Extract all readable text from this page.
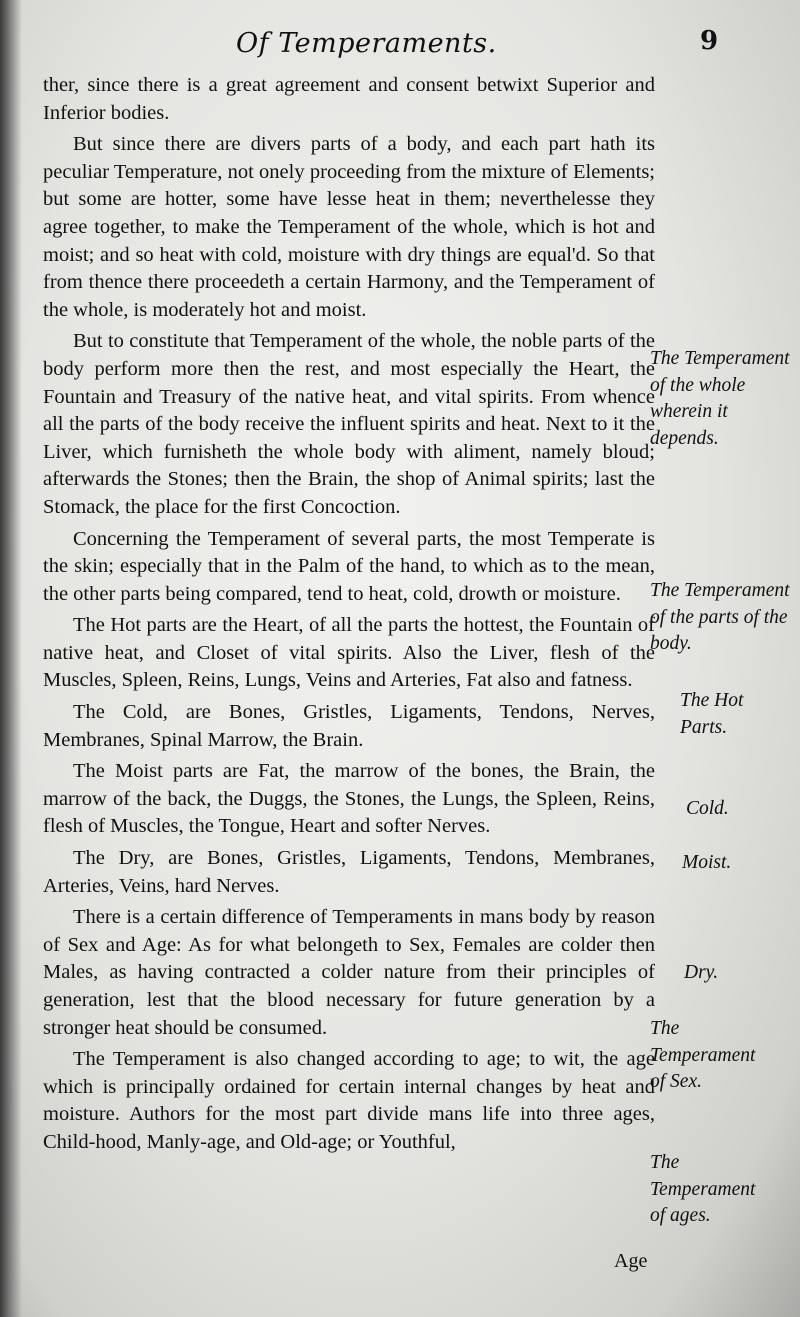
Of Temperaments.	9

ther, since there is a great agreement and consent betwixt Superior and Inferior bodies.

But since there are divers parts of a body, and each part hath its peculiar Temperature, not onely proceeding from the mixture of Elements; but some are hotter, some have lesse heat in them; neverthelesse they agree together, to make the Temperament of the whole, which is hot and moist; and so heat with cold, moisture with dry things are equal'd. So that from thence there proceedeth a certain Harmony, and the Temperament of the whole, is moderately hot and moist.

But to constitute that Temperament of the whole, the noble parts of the body perform more then the rest, and most especially the Heart, the Fountain and Treasury of the native heat, and vital spirits. From whence all the parts of the body receive the influent spirits and heat. Next to it the Liver, which furnisheth the whole body with aliment, namely bloud; afterwards the Stones; then the Brain, the shop of Animal spirits; last the Stomack, the place for the first Concoction.

Concerning the Temperament of several parts, the most Temperate is the skin; especially that in the Palm of the hand, to which as to the mean, the other parts being compared, tend to heat, cold, drowth or moisture.

The Hot parts are the Heart, of all the parts the hottest, the Fountain of native heat, and Closet of vital spirits. Also the Liver, flesh of the Muscles, Spleen, Reins, Lungs, Veins and Arteries, Fat also and fatness.

The Cold, are Bones, Gristles, Ligaments, Tendons, Nerves, Membranes, Spinal Marrow, the Brain.

The Moist parts are Fat, the marrow of the bones, the Brain, the marrow of the back, the Duggs, the Stones, the Lungs, the Spleen, Reins, flesh of Muscles, the Tongue, Heart and softer Nerves.

The Dry, are Bones, Gristles, Ligaments, Tendons, Membranes, Arteries, Veins, hard Nerves.

There is a certain difference of Temperaments in mans body by reason of Sex and Age: As for what belongeth to Sex, Females are colder then Males, as having contracted a colder nature from their principles of generation, lest that the blood necessary for future generation by a stronger heat should be consumed.

The Temperament is also changed according to age; to wit, the age which is principally ordained for certain internal changes by heat and moisture. Authors for the most part divide mans life into three ages, Child-hood, Manly-age, and Old-age; or Youthful,

The Temperament of the whole wherein it depends.
The Temperament of the parts of the body.
The Hot Parts.
Cold.
Moist.
Dry.
The Temperament of Sex.
The Temperament of ages.
Age
